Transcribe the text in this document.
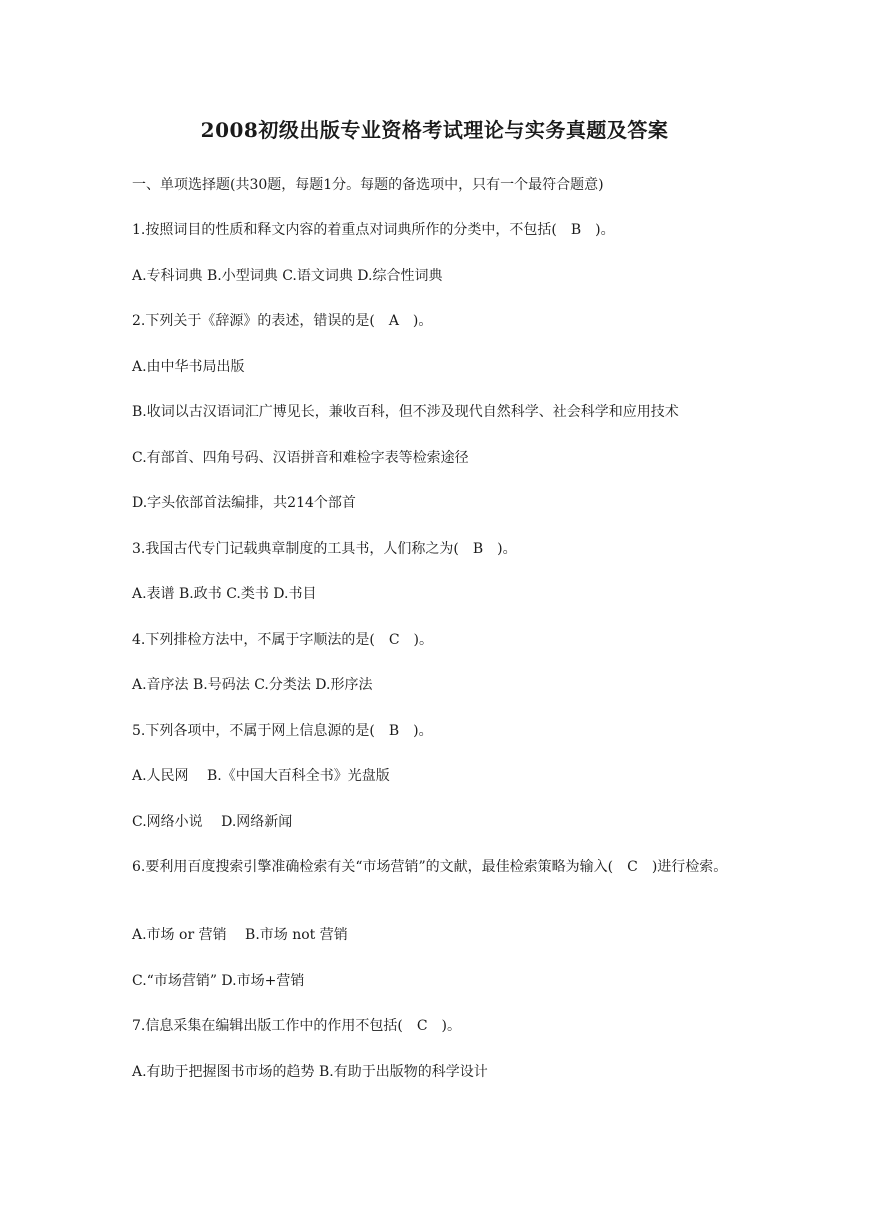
2008初级出版专业资格考试理论与实务真题及答案
一、单项选择题(共30题，每题1分。每题的备选项中，只有一个最符合题意)
1.按照词目的性质和释文内容的着重点对词典所作的分类中，不包括(　B　)。
A.专科词典 B.小型词典 C.语文词典 D.综合性词典
2.下列关于《辞源》的表述，错误的是(　A　)。
A.由中华书局出版
B.收词以古汉语词汇广博见长，兼收百科，但不涉及现代自然科学、社会科学和应用技术
C.有部首、四角号码、汉语拼音和难检字表等检索途径
D.字头依部首法编排，共214个部首
3.我国古代专门记载典章制度的工具书，人们称之为(　B　)。
A.表谱 B.政书 C.类书 D.书目
4.下列排检方法中，不属于字顺法的是(　C　)。
A.音序法 B.号码法 C.分类法 D.形序法
5.下列各项中，不属于网上信息源的是(　B　)。
A.人民网　 B.《中国大百科全书》光盘版
C.网络小说　 D.网络新闻
6.要利用百度搜索引擎准确检索有关“市场营销”的文献，最佳检索策略为输入(　C　)进行检索。
A.市场 or 营销　 B.市场 not 营销
C.“市场营销” D.市场+营销
7.信息采集在编辑出版工作中的作用不包括(　C　)。
A.有助于把握图书市场的趋势 B.有助于出版物的科学设计
